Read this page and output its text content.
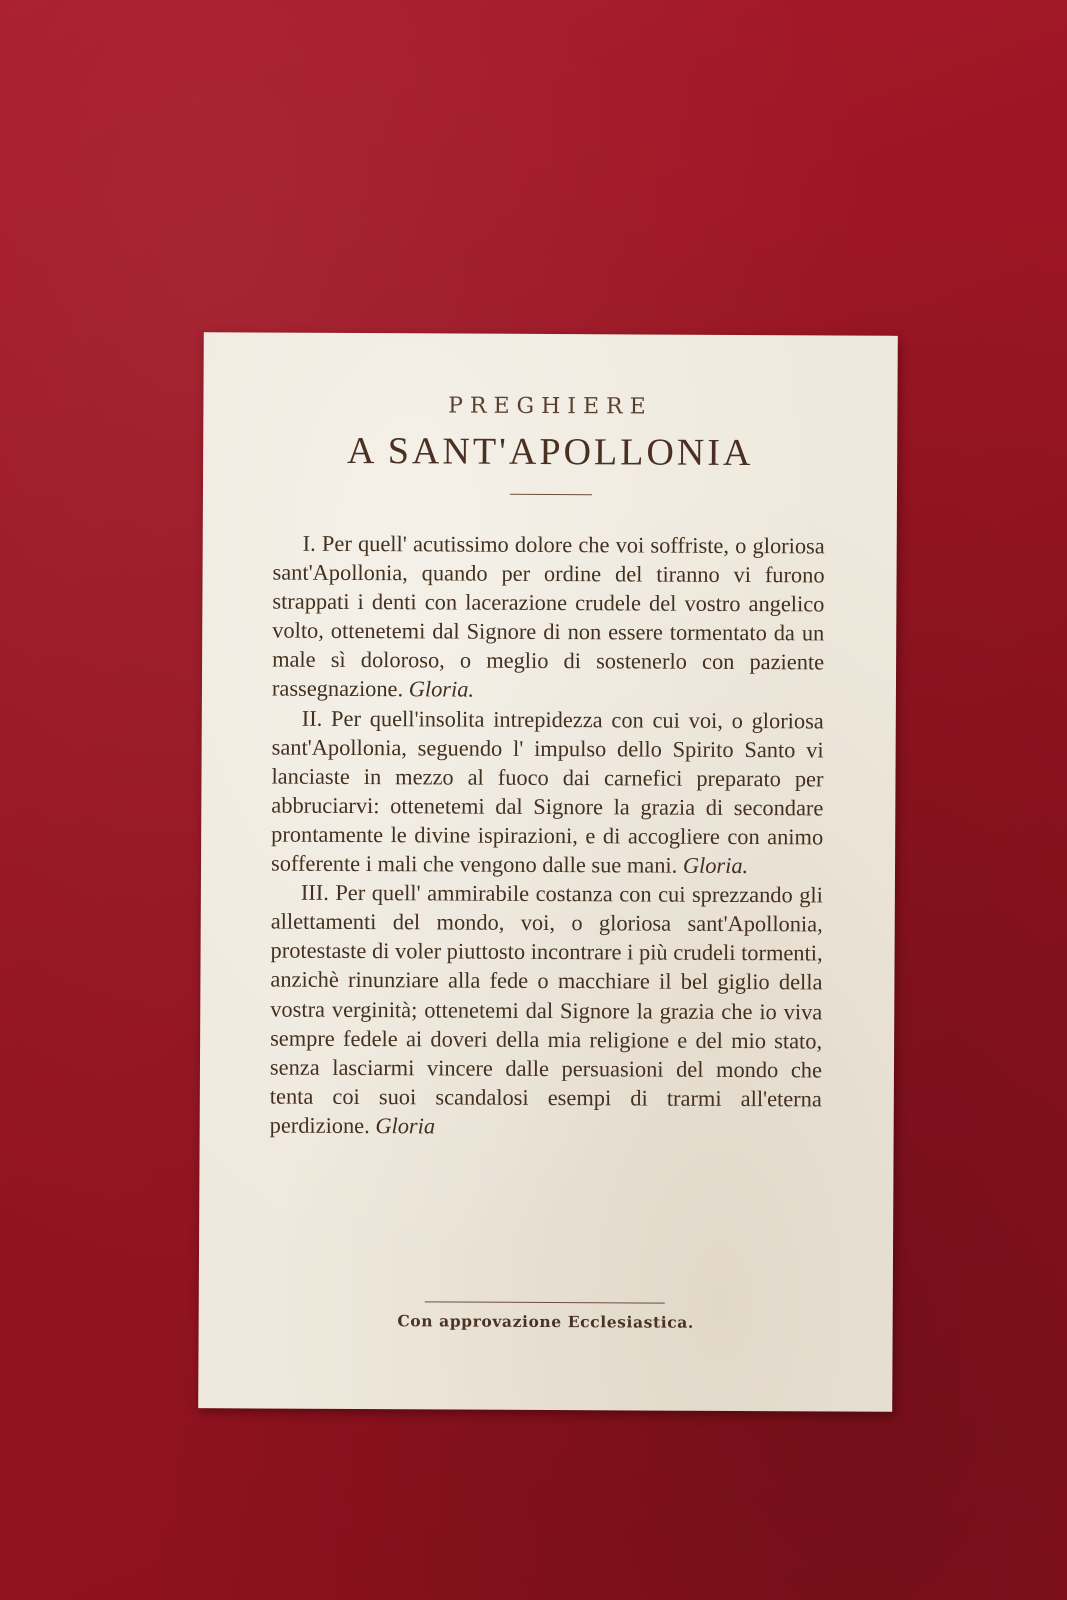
PREGHIERE
A SANT'APOLLONIA

I. Per quell' acutissimo dolore che voi soffriste, o gloriosa sant'Apollonia, quando per ordine del tiranno vi furono strappati i denti con lacerazione crudele del vostro angelico volto, ottenetemi dal Signore di non essere tormentato da un male sì doloroso, o meglio di sostenerlo con paziente rassegnazione. Gloria.

II. Per quell'insolita intrepidezza con cui voi, o gloriosa sant'Apollonia, seguendo l' impulso dello Spirito Santo vi lanciaste in mezzo al fuoco dai carnefici preparato per abbruciarvi: ottenetemi dal Signore la grazia di secondare prontamente le divine ispirazioni, e di accogliere con animo sofferente i mali che vengono dalle sue mani. Gloria.

III. Per quell' ammirabile costanza con cui sprezzando gli allettamenti del mondo, voi, o gloriosa sant'Apollonia, protestaste di voler piuttosto incontrare i più crudeli tormenti, anzichè rinunziare alla fede o macchiare il bel giglio della vostra verginità; ottenetemi dal Signore la grazia che io viva sempre fedele ai doveri della mia religione e del mio stato, senza lasciarmi vincere dalle persuasioni del mondo che tenta coi suoi scandalosi esempi di trarmi all'eterna perdizione. Gloria

Con approvazione Ecclesiastica.
